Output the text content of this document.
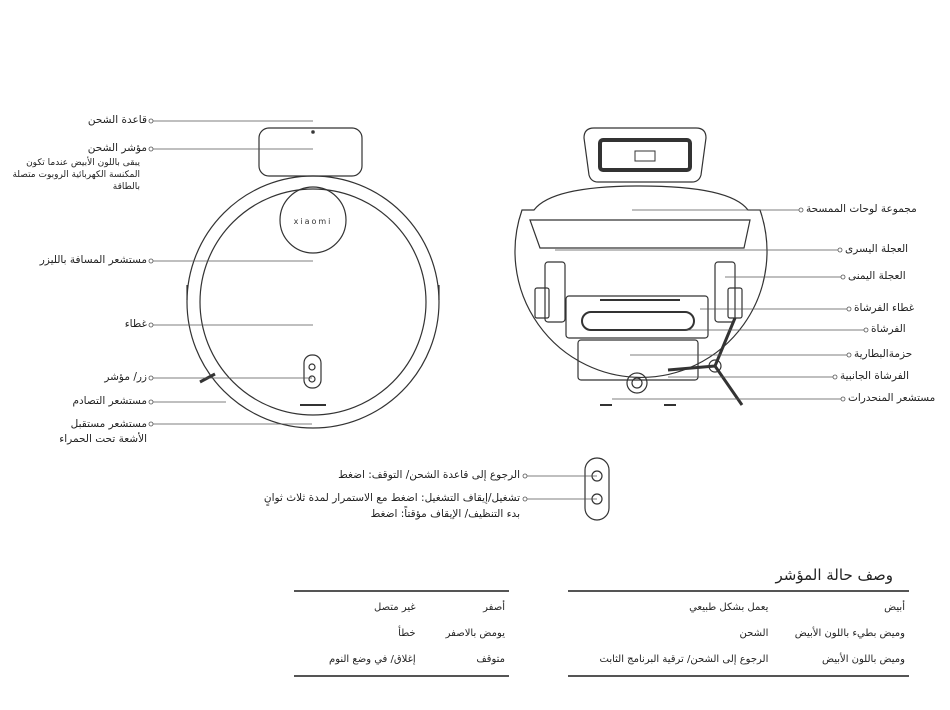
xiaomi
قاعدة الشحن
مؤشر الشحن
يبقى باللون الأبيض عندما تكون المكنسة الكهربائية الروبوت متصلة بالطاقة
مستشعر المسافة بالليزر
غطاء
زر/ مؤشر
مستشعر التصادم
مستشعر مستقبل الأشعة تحت الحمراء
مجموعة لوحات الممسحة
العجلة اليسرى
العجلة اليمنى
غطاء الفرشاة
الفرشاة
حزمةالبطارية
الفرشاة الجانبية
مستشعر المنحدرات
الرجوع إلى قاعدة الشحن/ التوقف: اضغط
تشغيل/إيقاف التشغيل: اضغط مع الاستمرار لمدة ثلاث ثوانٍ
بدء التنظيف/ الإيقاف مؤقتاً: اضغط
وصف حالة المؤشر
أبيض	يعمل بشكل طبيعي
وميض بطيء باللون الأبيض	الشحن
وميض باللون الأبيض	الرجوع إلى الشحن/ ترقية البرنامج الثابت
أصفر	غير متصل
يومض بالاصفر	خطأ
متوقف	إغلاق/ في وضع النوم
